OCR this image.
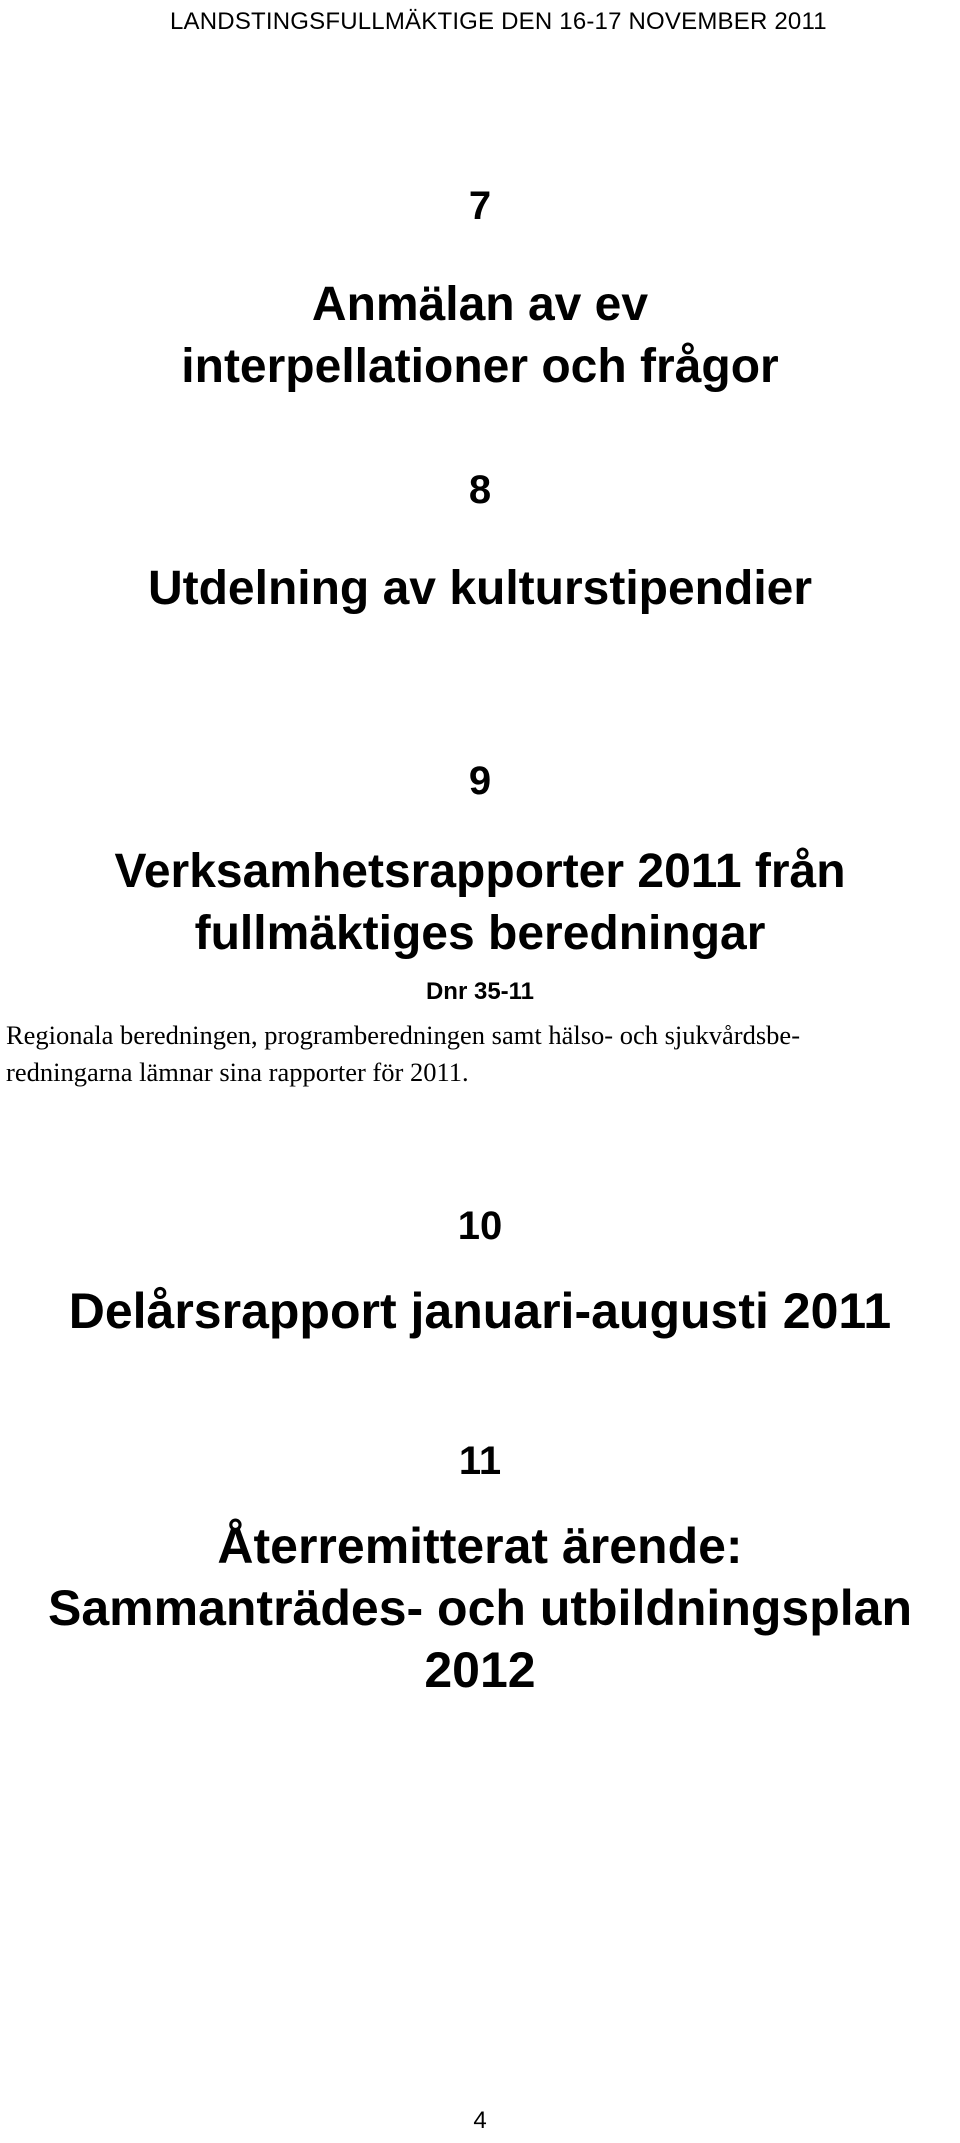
LANDSTINGSFULLMÄKTIGE DEN 16-17 NOVEMBER 2011
7
Anmälan av ev
interpellationer och frågor
8
Utdelning av kulturstipendier
9
Verksamhetsrapporter 2011 från
fullmäktiges beredningar
Dnr 35-11
Regionala beredningen, programberedningen samt hälso- och sjukvårdsbe-
redningarna lämnar sina rapporter för 2011.
10
Delårsrapport januari-augusti 2011
11
Återremitterat ärende:
Sammanträdes- och utbildningsplan
2012
4
